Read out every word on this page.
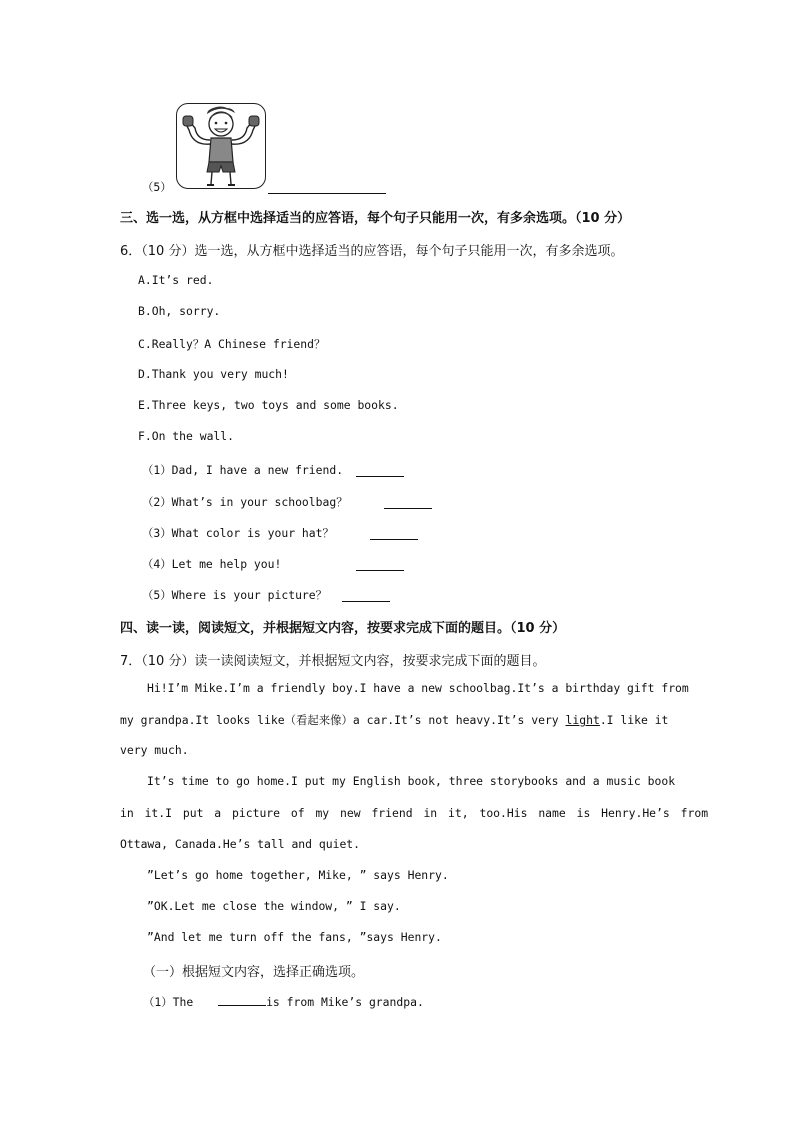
（5）
三、选一选，从方框中选择适当的应答语，每个句子只能用一次，有多余选项。（10 分）
6．（10 分）选一选，从方框中选择适当的应答语，每个句子只能用一次，有多余选项。
A.It’s red.
B.Oh, sorry.
C.Really？A Chinese friend？
D.Thank you very much!
E.Three keys, two toys and some books.
F.On the wall.
（1）Dad, I have a new friend.
（2）What’s in your schoolbag？
（3）What color is your hat？
（4）Let me help you!
（5）Where is your picture？
四、读一读，阅读短文，并根据短文内容，按要求完成下面的题目。（10 分）
7．（10 分）读一读阅读短文，并根据短文内容，按要求完成下面的题目。
Hi!I’m Mike.I’m a friendly boy.I have a new schoolbag.It’s a birthday gift from
my grandpa.It looks like（看起来像）a car.It’s not heavy.It’s very light.I like it
very much.
It’s time to go home.I put my English book, three storybooks and a music book
in it.I put a picture of my new friend in it, too.His name is Henry.He’s from
Ottawa, Canada.He’s tall and quiet.
”Let’s go home together, Mike, ” says Henry.
”OK.Let me close the window, ” I say.
”And let me turn off the fans, ”says Henry.
（一）根据短文内容，选择正确选项。
（1）The	is from Mike’s grandpa.
